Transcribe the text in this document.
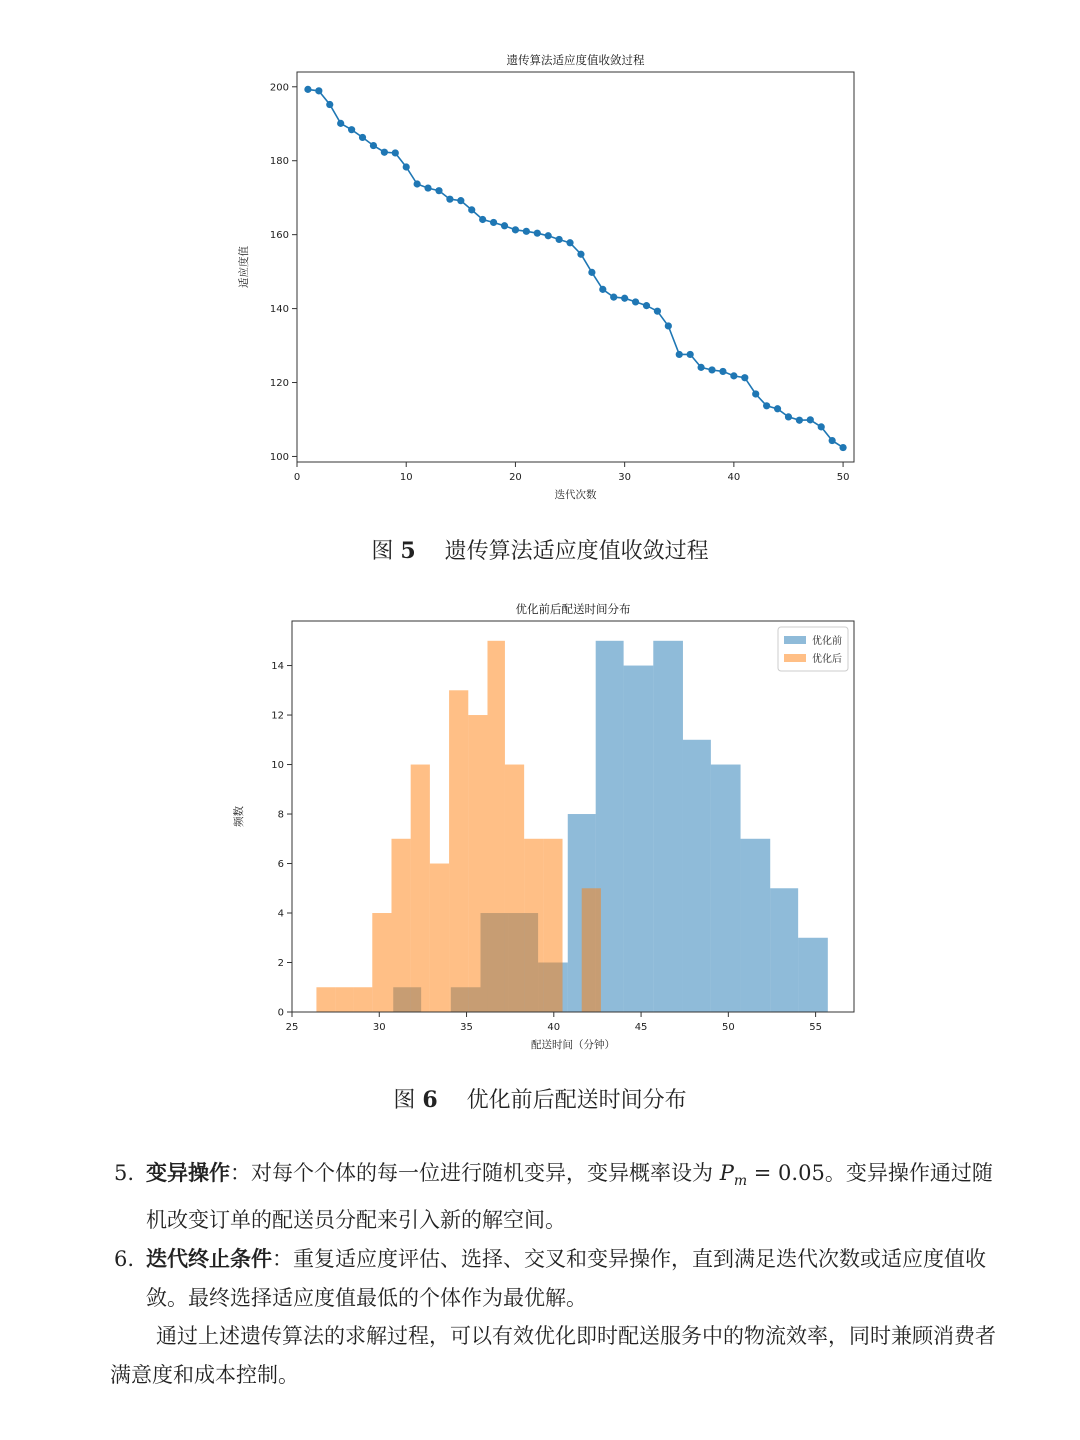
0	10	20	30	40	50
100
120
140
160
180
200
遗传算法适应度值收敛过程
迭代次数
适应度值
图 5 遗传算法适应度值收敛过程
25	30	35	40	45	50	55
0
2
4
6
8
10
12
14
优化前后配送时间分布
配送时间（分钟）
频数
优化前
优化后
图 6 优化前后配送时间分布
5. 变异操作：对每个个体的每一位进行随机变异，变异概率设为 $P_m = 0.05$。变异操作通过随机改变订单的配送员分配来引入新的解空间。
6. 迭代终止条件：重复适应度评估、选择、交叉和变异操作，直到满足迭代次数或适应度值收敛。最终选择适应度值最低的个体作为最优解。
通过上述遗传算法的求解过程，可以有效优化即时配送服务中的物流效率，同时兼顾消费者满意度和成本控制。
